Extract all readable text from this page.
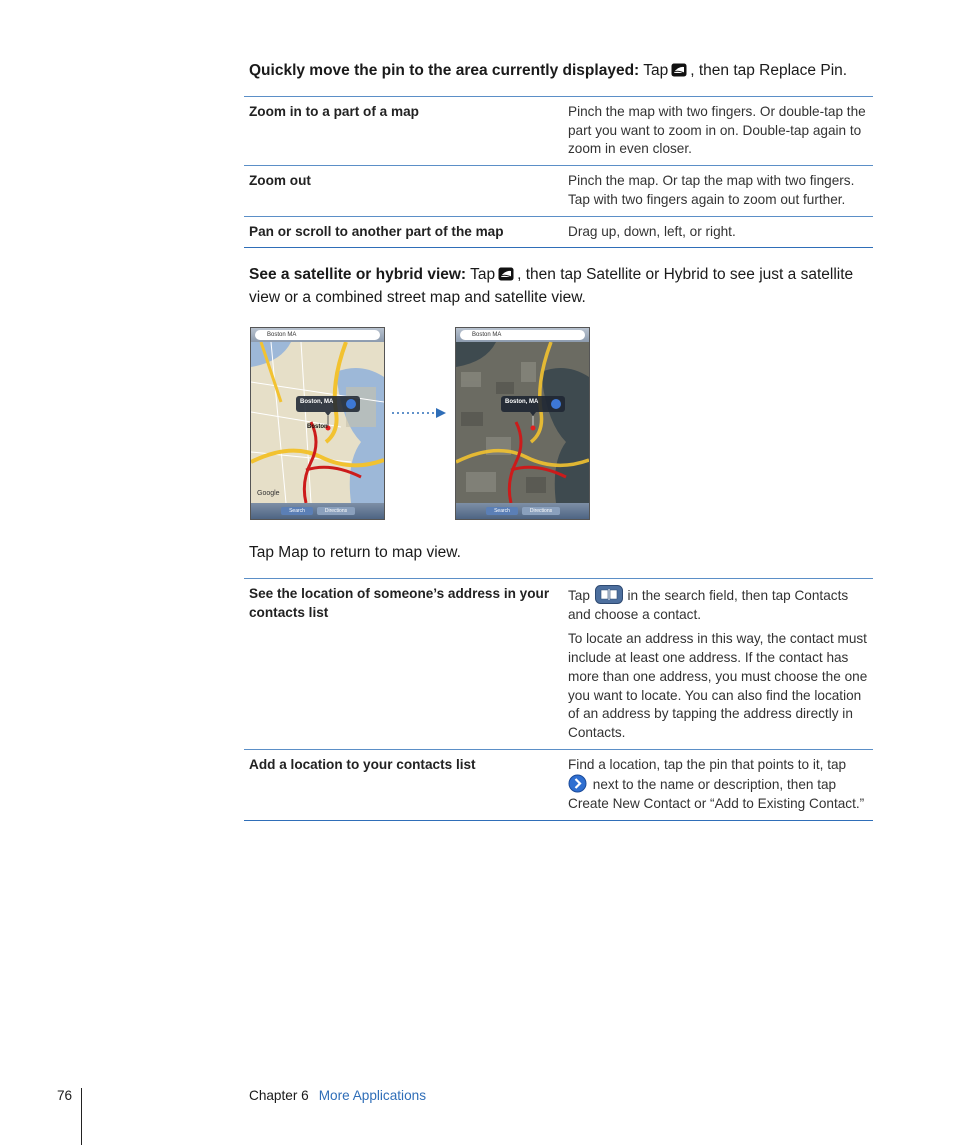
Quickly move the pin to the area currently displayed: Tap , then tap Replace Pin.
Zoom in to a part of a map	Pinch the map with two fingers. Or double-tap the part you want to zoom in on. Double-tap again to zoom in even closer.
Zoom out	Pinch the map. Or tap the map with two fingers. Tap with two fingers again to zoom out further.
Pan or scroll to another part of the map	Drag up, down, left, or right.
See a satellite or hybrid view: Tap , then tap Satellite or Hybrid to see just a satellite view or a combined street map and satellite view.
Boston, MA
Boston
Google
Boston MA
Search	Directions
Boston, MA
Boston MA
Search	Directions
Tap Map to return to map view.
See the location of someone’s address in your contacts list	Tap in the search field, then tap Contacts and choose a contact.

To locate an address in this way, the contact must include at least one address. If the contact has more than one address, you must choose the one you want to locate. You can also find the location of an address by tapping the address directly in Contacts.

Add a location to your contacts list	Find a location, tap the pin that points to it, tap  next to the name or description, then tap Create New Contact or “Add to Existing Contact.”

76	Chapter 6 More Applications
